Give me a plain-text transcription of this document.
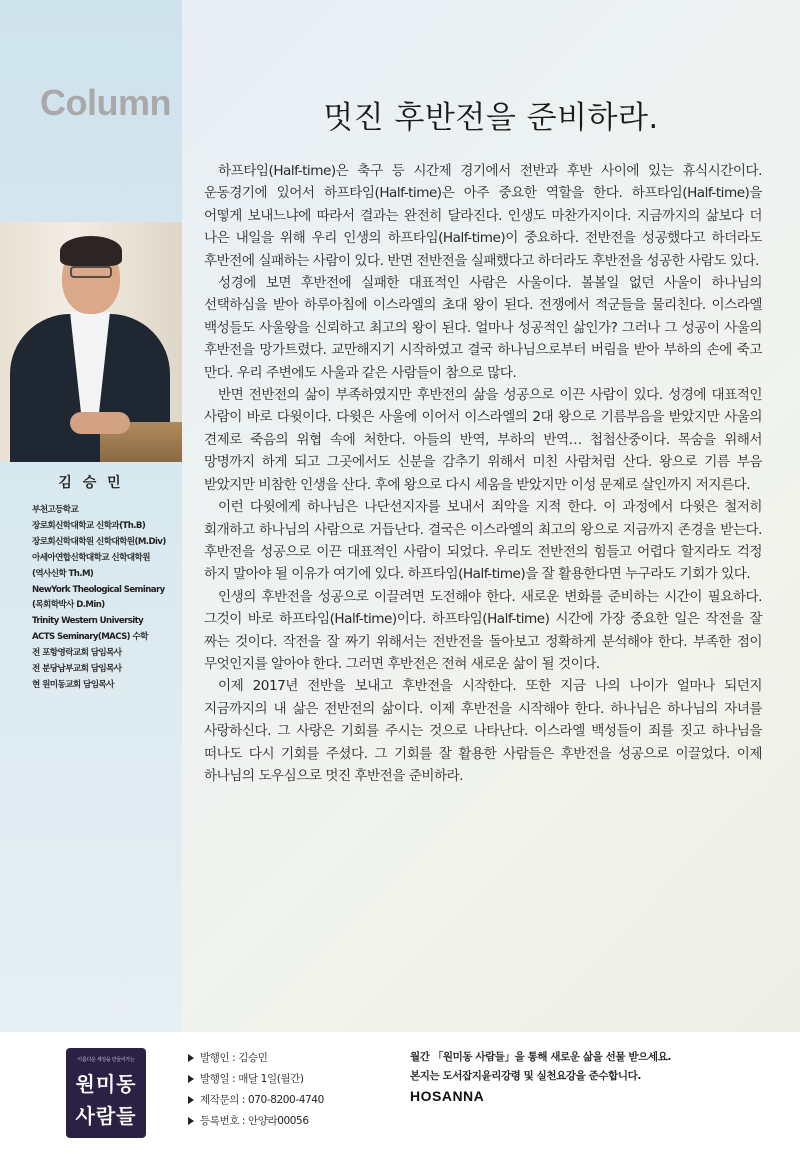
Column
김 승 민
부천고등학교
장로회신학대학교 신학과(Th.B)
장로회신학대학원 신학대학원(M.Div)
아세아연합신학대학교 신학대학원
(역사신학 Th.M)
NewYork Theological Seminary
(목회학박사 D.Min)
Trinity Western University
ACTS Seminary(MACS) 수학
전 포항영락교회 담임목사
전 분당남부교회 담임목사
현 원미동교회 담임목사
멋진 후반전을 준비하라.

하프타임(Half-time)은 축구 등 시간제 경기에서 전반과 후반 사이에 있는 휴식시간이다. 운동경기에 있어서 하프타임(Half-time)은 아주 중요한 역할을 한다. 하프타임(Half-time)을 어떻게 보내느냐에 따라서 결과는 완전히 달라진다. 인생도 마찬가지이다. 지금까지의 삶보다 더 나은 내일을 위해 우리 인생의 하프타임(Half-time)이 중요하다. 전반전을 성공했다고 하더라도 후반전에 실패하는 사람이 있다. 반면 전반전을 실패했다고 하더라도 후반전을 성공한 사람도 있다.

성경에 보면 후반전에 실패한 대표적인 사람은 사울이다. 볼볼일 없던 사울이 하나님의 선택하심을 받아 하루아침에 이스라엘의 초대 왕이 된다. 전쟁에서 적군들을 물리친다. 이스라엘 백성들도 사울왕을 신뢰하고 최고의 왕이 된다. 얼마나 성공적인 삶인가? 그러나 그 성공이 사울의 후반전을 망가트렸다. 교만해지기 시작하였고 결국 하나님으로부터 버림을 받아 부하의 손에 죽고 만다. 우리 주변에도 사울과 같은 사람들이 참으로 많다.

반면 전반전의 삶이 부족하였지만 후반전의 삶을 성공으로 이끈 사람이 있다. 성경에 대표적인 사람이 바로 다윗이다. 다윗은 사울에 이어서 이스라엘의 2대 왕으로 기름부음을 받았지만 사울의 견제로 죽음의 위협 속에 처한다. 아들의 반역, 부하의 반역… 첩첩산중이다. 목숨을 위해서 망명까지 하게 되고 그곳에서도 신분을 감추기 위해서 미친 사람처럼 산다. 왕으로 기름 부음 받았지만 비참한 인생을 산다. 후에 왕으로 다시 세움을 받았지만 이성 문제로 살인까지 저지른다.

이런 다윗에게 하나님은 나단선지자를 보내서 죄악을 지적 한다. 이 과정에서 다윗은 철저히 회개하고 하나님의 사람으로 거듭난다. 결국은 이스라엘의 최고의 왕으로 지금까지 존경을 받는다. 후반전을 성공으로 이끈 대표적인 사람이 되었다. 우리도 전반전의 힘들고 어렵다 할지라도 걱정 하지 말아야 될 이유가 여기에 있다. 하프타임(Half-time)을 잘 활용한다면 누구라도 기회가 있다.

인생의 후반전을 성공으로 이끌려면 도전해야 한다. 새로운 변화를 준비하는 시간이 필요하다. 그것이 바로 하프타임(Half-time)이다. 하프타임(Half-time) 시간에 가장 중요한 일은 작전을 잘 짜는 것이다. 작전을 잘 짜기 위해서는 전반전을 돌아보고 정확하게 분석해야 한다. 부족한 점이 무엇인지를 알아야 한다. 그러면 후반전은 전혀 새로운 삶이 될 것이다.

이제 2017년 전반을 보내고 후반전을 시작한다. 또한 지금 나의 나이가 얼마나 되던지 지금까지의 내 삶은 전반전의 삶이다. 이제 후반전을 시작해야 한다. 하나님은 하나님의 자녀를 사랑하신다. 그 사랑은 기회를 주시는 것으로 나타난다. 이스라엘 백성들이 죄를 짓고 하나님을 떠나도 다시 기회를 주셨다. 그 기회를 잘 활용한 사람들은 후반전을 성공으로 이끌었다. 이제 하나님의 도우심으로 멋진 후반전을 준비하라.

아름다운 세상을 만들어가는
원미동
사람들
발행인 : 김승민
발행일 : 매달 1일(월간)
제작문의 : 070-8200-4740
등록번호 : 안양라00056
월간 「원미동 사람들」을 통해 새로운 삶을 선물 받으세요.
본지는 도서잡지윤리강령 및 실천요강을 준수합니다.
HOSANNA
